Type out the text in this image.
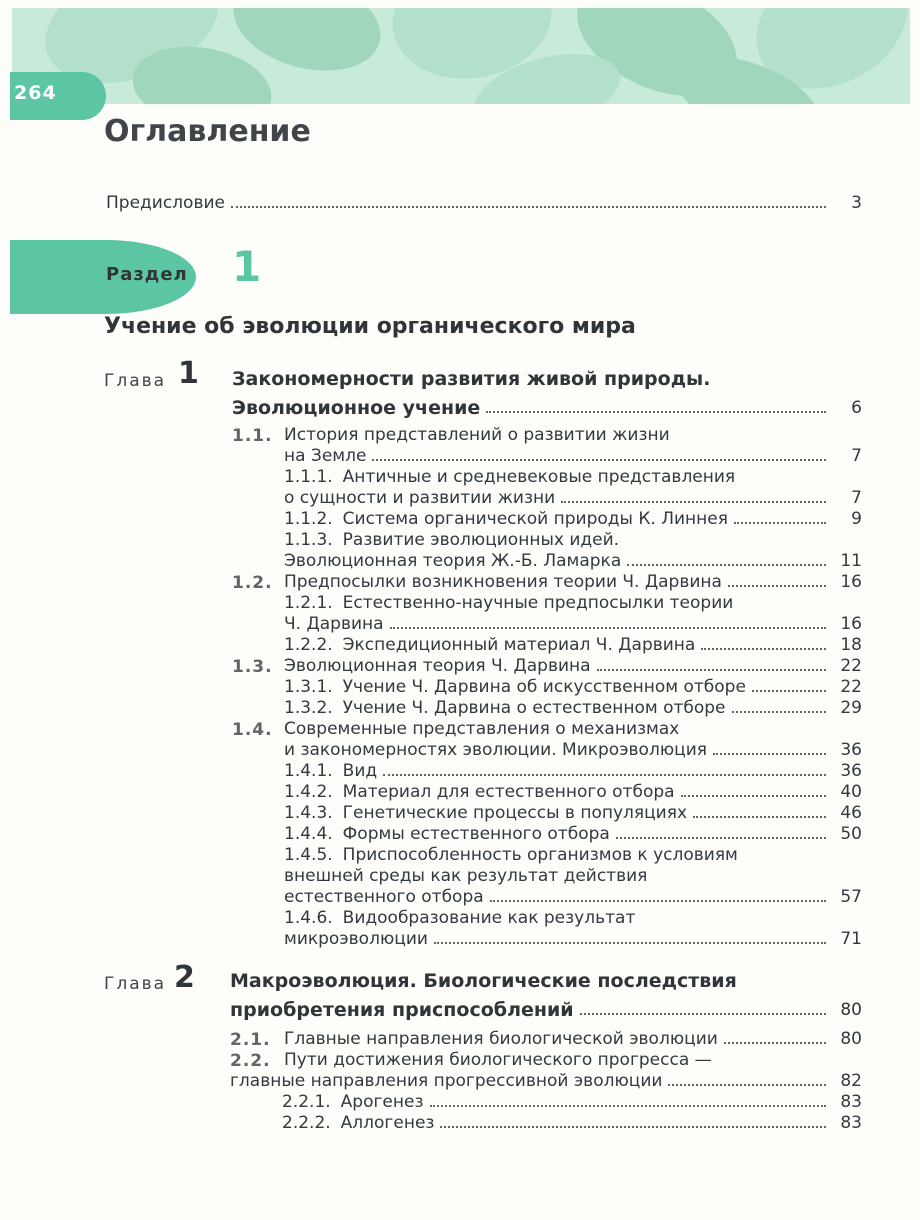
264
Оглавление
Предисловие	3
Раздел 1
Учение об эволюции органического мира
Глава 1 Закономерности развития живой природы.
Эволюционное учение	6
1.1. История представлений о развитии жизни
на Земле	7
1.1.1. Античные и средневековые представления
о сущности и развитии жизни	7
1.1.2. Система органической природы К. Линнея	9
1.1.3. Развитие эволюционных идей.
Эволюционная теория Ж.-Б. Ламарка	11
1.2. Предпосылки возникновения теории Ч. Дарвина	16
1.2.1. Естественно-научные предпосылки теории
Ч. Дарвина	16
1.2.2. Экспедиционный материал Ч. Дарвина	18
1.3. Эволюционная теория Ч. Дарвина	22
1.3.1. Учение Ч. Дарвина об искусственном отборе	22
1.3.2. Учение Ч. Дарвина о естественном отборе	29
1.4. Современные представления о механизмах
и закономерностях эволюции. Микроэволюция	36
1.4.1. Вид	36
1.4.2. Материал для естественного отбора	40
1.4.3. Генетические процессы в популяциях	46
1.4.4. Формы естественного отбора	50
1.4.5. Приспособленность организмов к условиям
внешней среды как результат действия
естественного отбора	57
1.4.6. Видообразование как результат
микроэволюции	71
Глава 2 Макроэволюция. Биологические последствия
приобретения приспособлений	80
2.1. Главные направления биологической эволюции	80
2.2. Пути достижения биологического прогресса —
главные направления прогрессивной эволюции	82
2.2.1. Арогенез	83
2.2.2. Аллогенез	83
